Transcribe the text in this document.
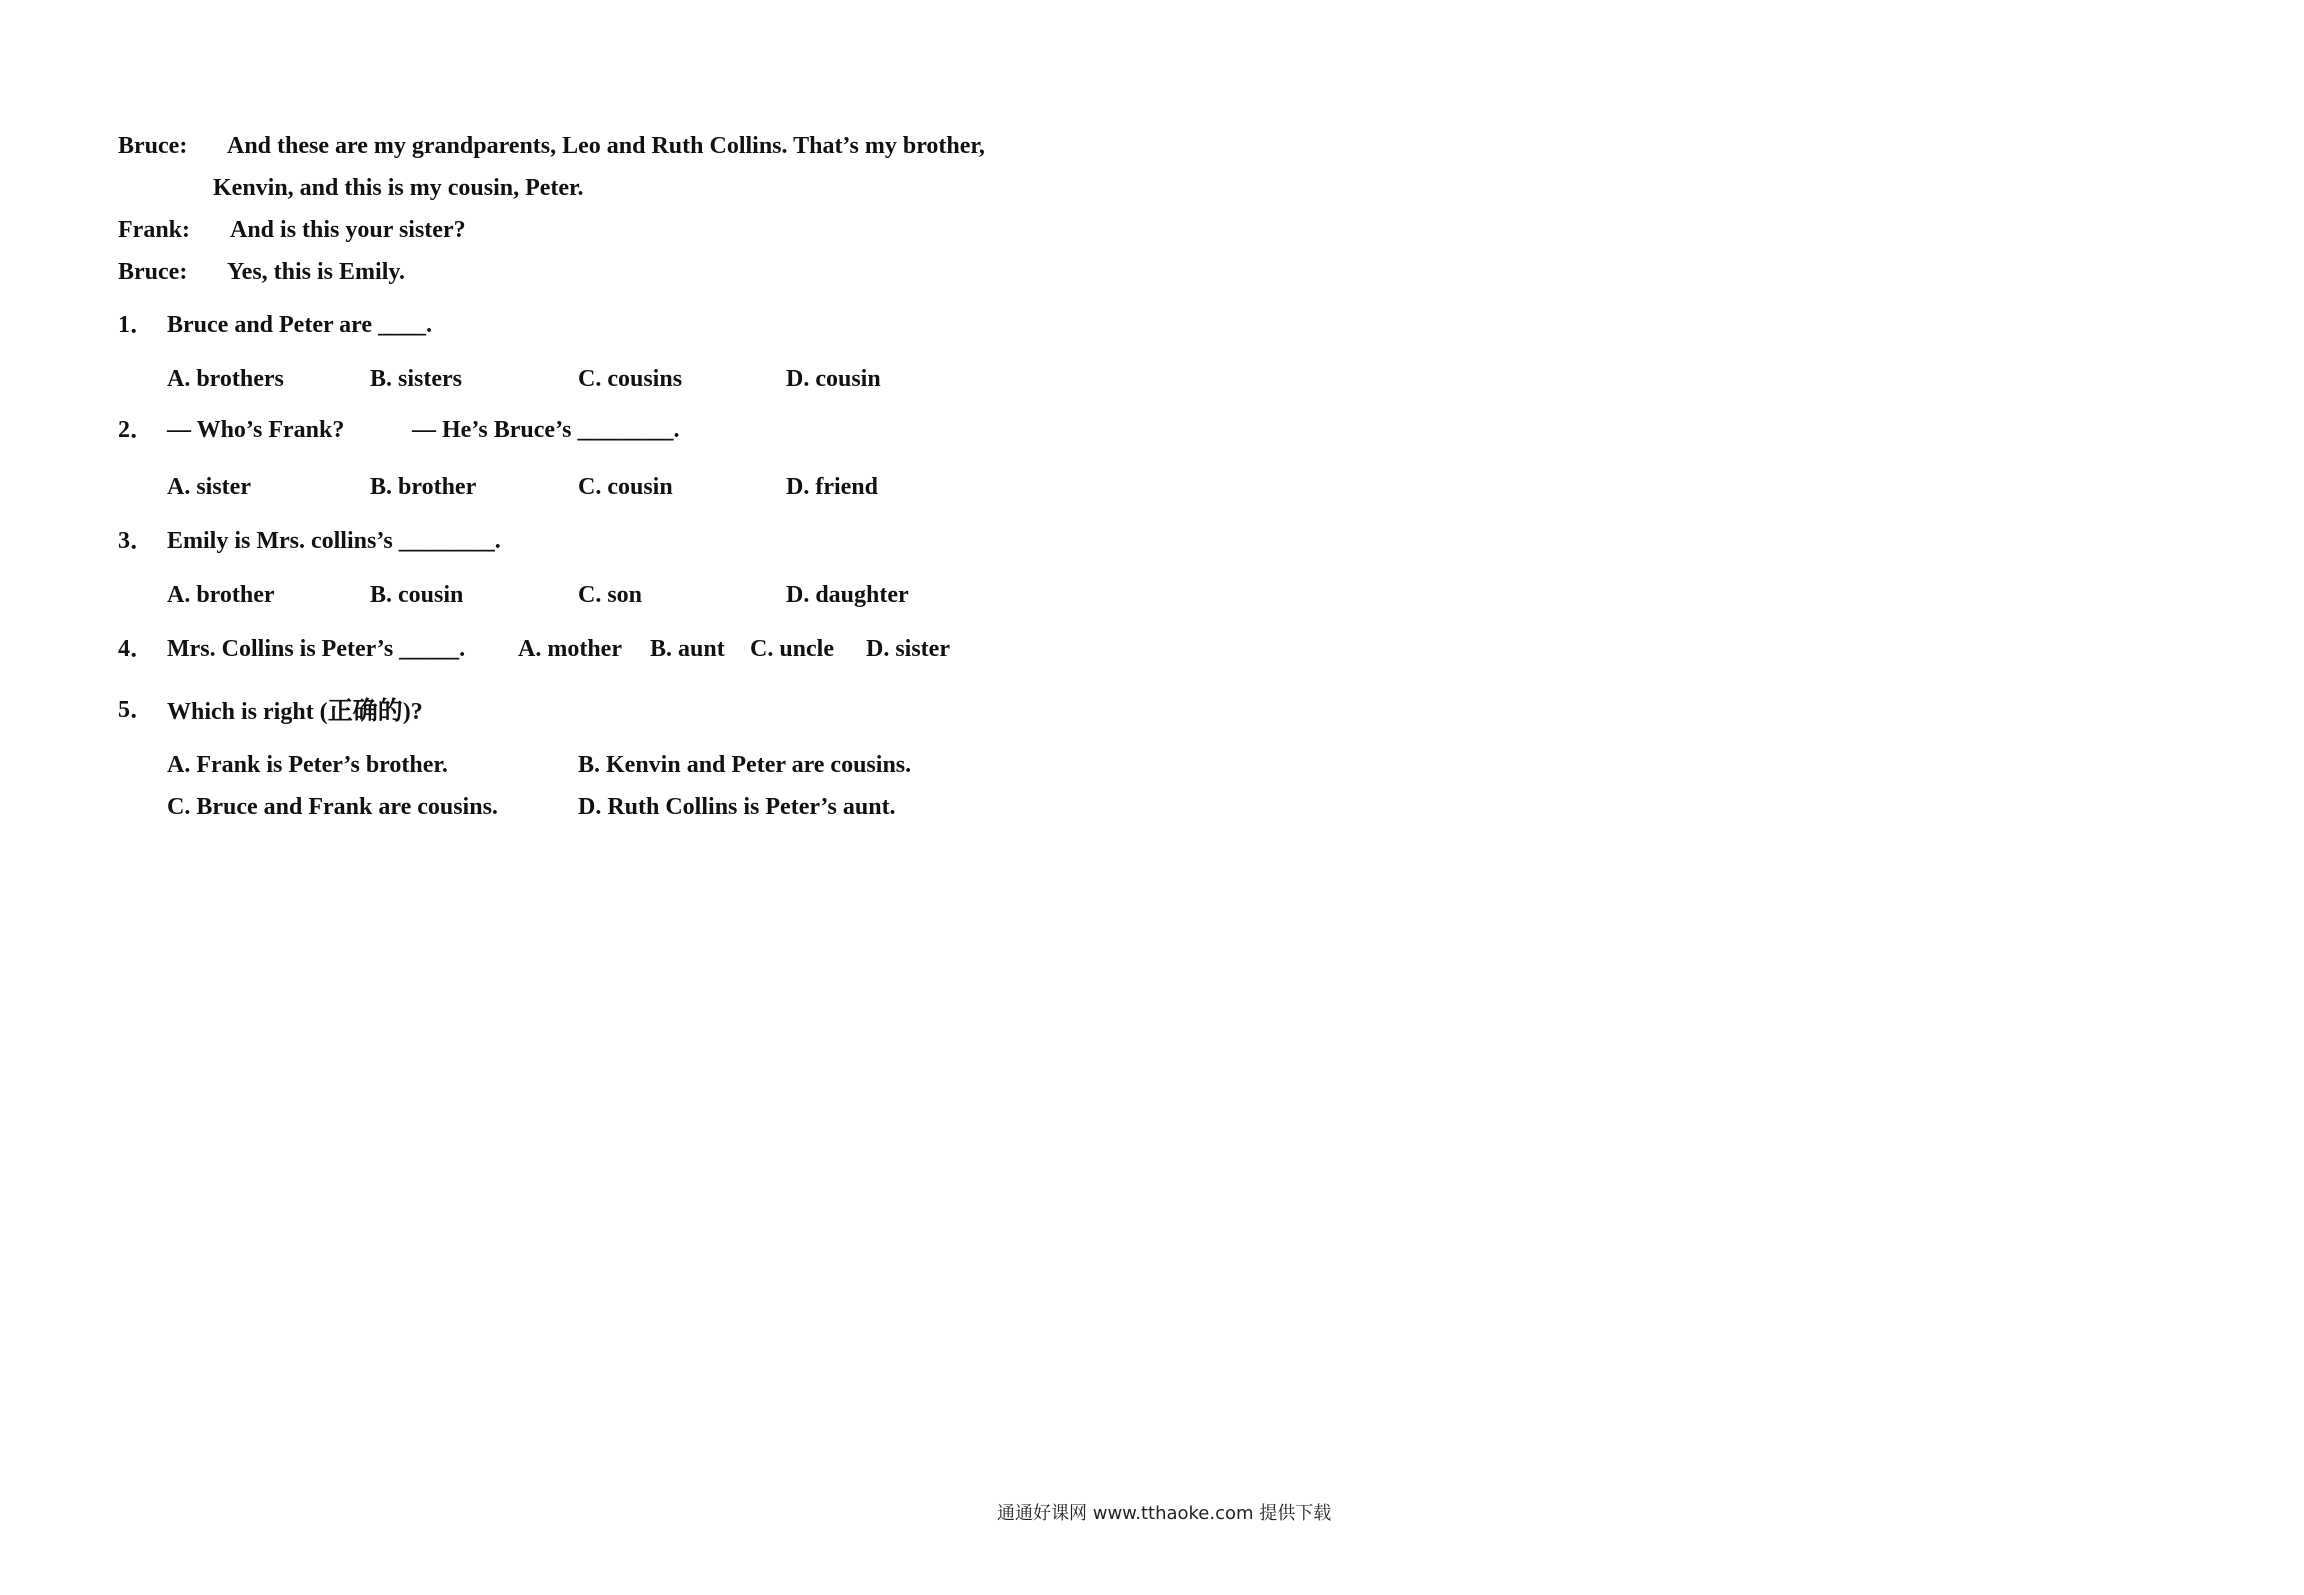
Bruce: And these are my grandparents, Leo and Ruth Collins. That’s my brother,
Kenvin, and this is my cousin, Peter.
Frank: And is this your sister?
Bruce: Yes, this is Emily.
1． Bruce and Peter are ____.
A. brothers	B. sisters	C. cousins	D. cousin
2． — Who’s Frank?	— He’s Bruce’s ________.
A. sister	B. brother	C. cousin	D. friend
3． Emily is Mrs. collins’s ________.
A. brother	B. cousin	C. son	D. daughter
4． Mrs. Collins is Peter’s _____. A. mother B. aunt C. uncle D. sister
5． Which is right (正确的)?
A. Frank is Peter’s brother.	B. Kenvin and Peter are cousins.
C. Bruce and Frank are cousins.	D. Ruth Collins is Peter’s aunt.
通通好课网 www.tthaoke.com 提供下载
